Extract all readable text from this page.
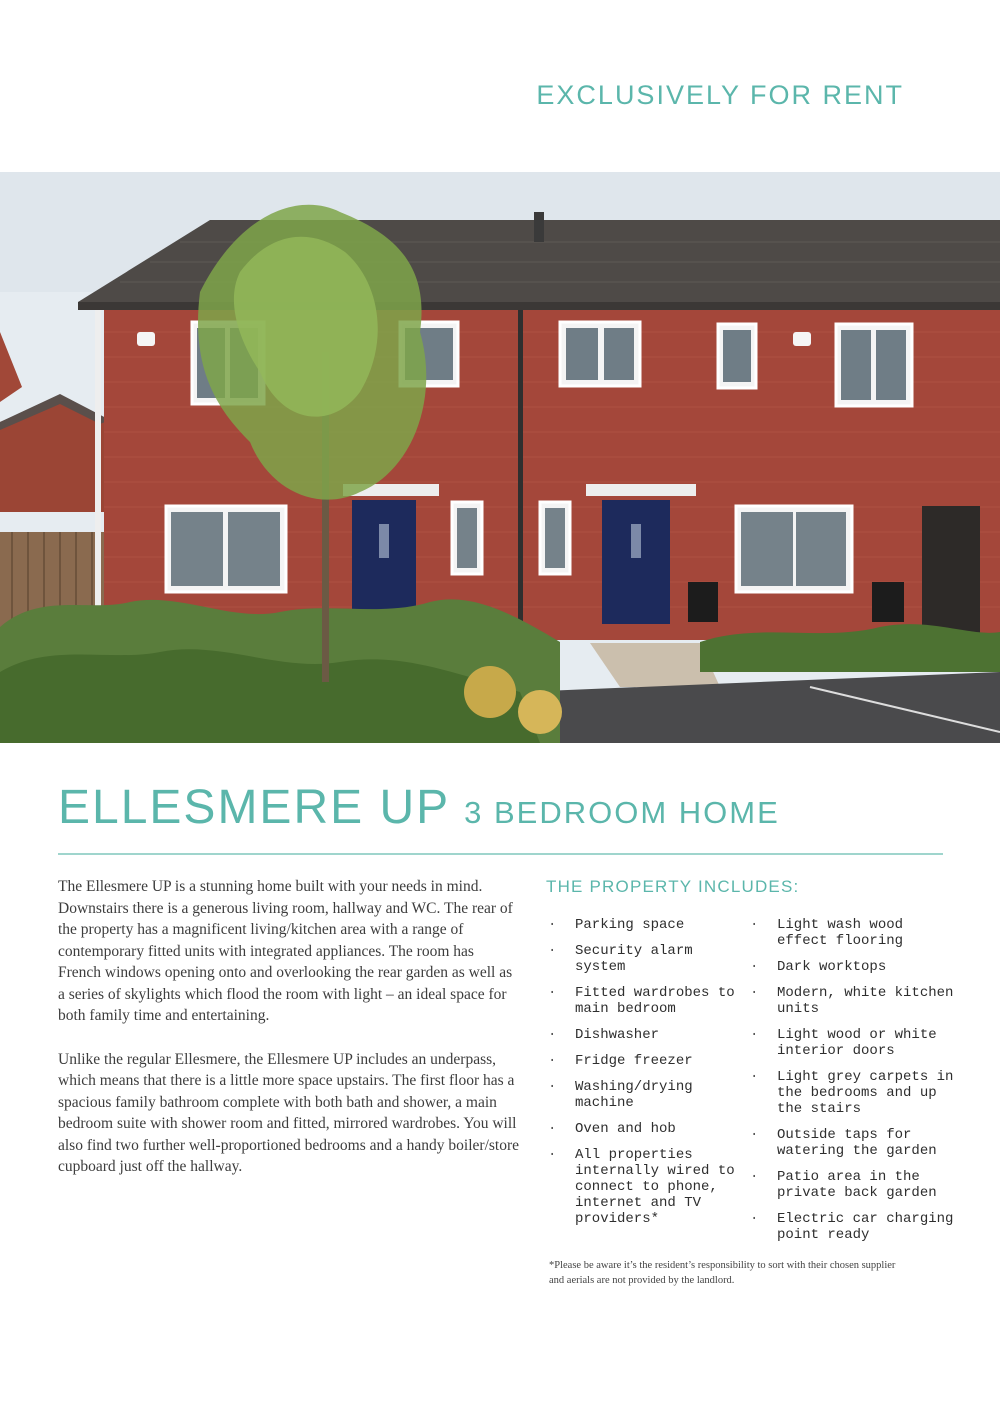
EXCLUSIVELY FOR RENT
ELLESMERE UP 3 BEDROOM HOME

The Ellesmere UP is a stunning home built with your needs in mind. Downstairs there is a generous living room, hallway and WC. The rear of the property has a magnificent living/kitchen area with a range of contemporary fitted units with integrated appliances. The room has French windows opening onto and overlooking the rear garden as well as a series of skylights which flood the room with light – an ideal space for both family time and entertaining.

Unlike the regular Ellesmere, the Ellesmere UP includes an underpass, which means that there is a little more space upstairs. The first floor has a spacious family bathroom complete with both bath and shower, a main bedroom suite with shower room and fitted, mirrored wardrobes. You will also find two further well-proportioned bedrooms and a handy boiler/store cupboard just off the hallway.

THE PROPERTY INCLUDES:
· Parking space
· Security alarm system
· Fitted wardrobes to main bedroom
· Dishwasher
· Fridge freezer
· Washing/drying machine
· Oven and hob
· All properties internally wired to connect to phone, internet and TV providers*
· Light wash wood effect flooring
· Dark worktops
· Modern, white kitchen units
· Light wood or white interior doors
· Light grey carpets in the bedrooms and up the stairs
· Outside taps for watering the garden
· Patio area in the private back garden
· Electric car charging point ready
*Please be aware it’s the resident’s responsibility to sort with their chosen supplier and aerials are not provided by the landlord.
